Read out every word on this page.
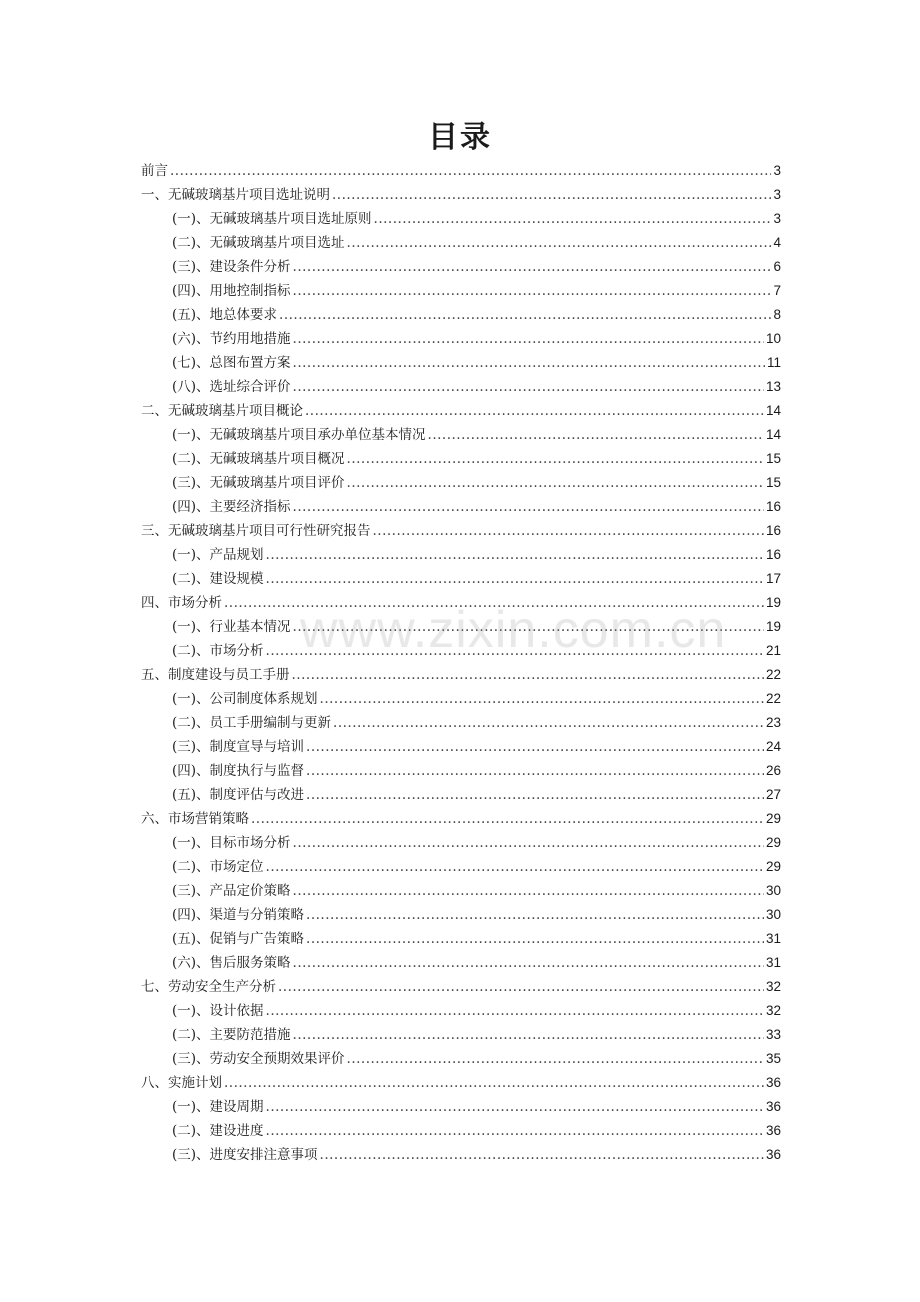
目录
前言 .....	3
一、无碱玻璃基片项目选址说明 .....	3
(一)、无碱玻璃基片项目选址原则 .....	3
(二)、无碱玻璃基片项目选址 .....	4
(三)、建设条件分析 .....	6
(四)、用地控制指标 .....	7
(五)、地总体要求 .....	8
(六)、节约用地措施 .....	10
(七)、总图布置方案 .....	11
(八)、选址综合评价 .....	13
二、无碱玻璃基片项目概论 .....	14
(一)、无碱玻璃基片项目承办单位基本情况 .....	14
(二)、无碱玻璃基片项目概况 .....	15
(三)、无碱玻璃基片项目评价 .....	15
(四)、主要经济指标 .....	16
三、无碱玻璃基片项目可行性研究报告 .....	16
(一)、产品规划 .....	16
(二)、建设规模 .....	17
四、市场分析 .....	19
(一)、行业基本情况 .....	19
(二)、市场分析 .....	21
五、制度建设与员工手册 .....	22
(一)、公司制度体系规划 .....	22
(二)、员工手册编制与更新 .....	23
(三)、制度宣导与培训 .....	24
(四)、制度执行与监督 .....	26
(五)、制度评估与改进 .....	27
六、市场营销策略 .....	29
(一)、目标市场分析 .....	29
(二)、市场定位 .....	29
(三)、产品定价策略 .....	30
(四)、渠道与分销策略 .....	30
(五)、促销与广告策略 .....	31
(六)、售后服务策略 .....	31
七、劳动安全生产分析 .....	32
(一)、设计依据 .....	32
(二)、主要防范措施 .....	33
(三)、劳动安全预期效果评价 .....	35
八、实施计划 .....	36
(一)、建设周期 .....	36
(二)、建设进度 .....	36
(三)、进度安排注意事项 .....	36
www.zixin.com.cn
